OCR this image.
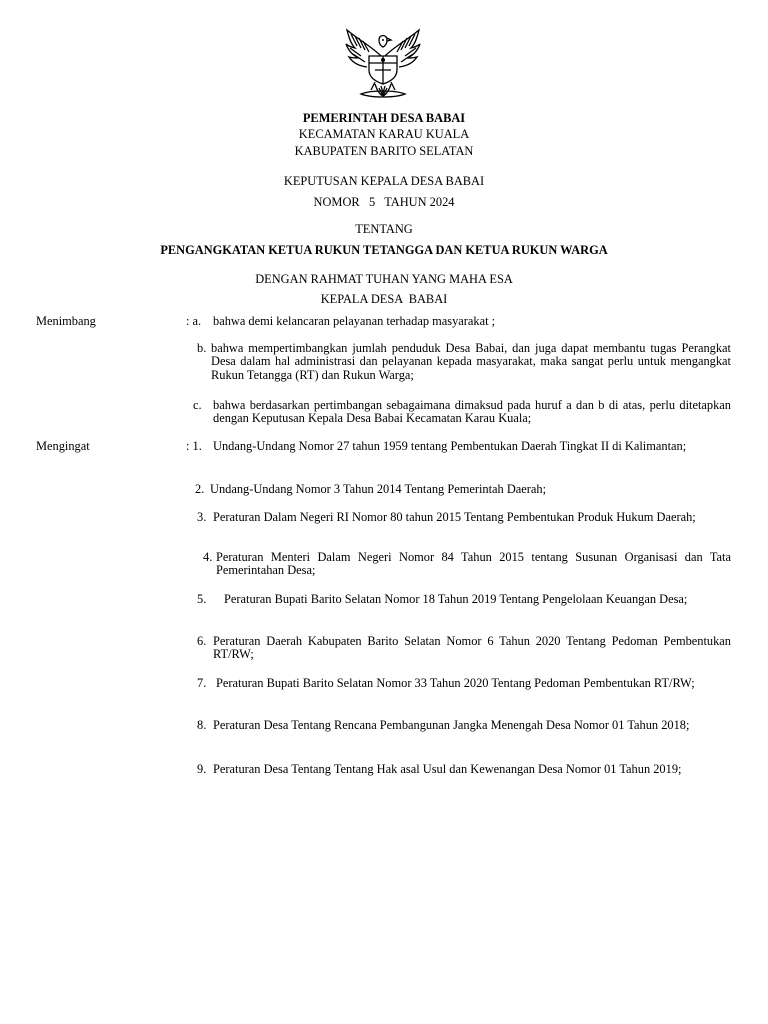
PEMERINTAH DESA BABAI
KECAMATAN KARAU KUALA
KABUPATEN BARITO SELATAN
KEPUTUSAN KEPALA DESA BABAI
NOMOR   5   TAHUN 2024
TENTANG
PENGANGKATAN KETUA RUKUN TETANGGA DAN KETUA RUKUN WARGA
DENGAN RAHMAT TUHAN YANG MAHA ESA
KEPALA DESA  BABAI
Menimbang	: a. bahwa demi kelancaran pelayanan terhadap masyarakat ;
b. bahwa mempertimbangkan jumlah penduduk Desa Babai, dan juga dapat membantu tugas Perangkat Desa dalam hal administrasi dan pelayanan kepada masyarakat, maka sangat perlu untuk mengangkat Rukun Tetangga (RT) dan Rukun Warga;
c. bahwa berdasarkan pertimbangan sebagaimana dimaksud pada huruf a dan b di atas, perlu ditetapkan dengan Keputusan Kepala Desa Babai Kecamatan Karau Kuala;
Mengingat	: 1. Undang-Undang Nomor 27 tahun 1959 tentang Pembentukan Daerah Tingkat II di Kalimantan;
2. Undang-Undang Nomor 3 Tahun 2014 Tentang Pemerintah Daerah;
3. Peraturan Dalam Negeri RI Nomor 80 tahun 2015 Tentang Pembentukan Produk Hukum Daerah;
4. Peraturan Menteri Dalam Negeri Nomor 84 Tahun 2015 tentang Susunan Organisasi dan Tata Pemerintahan Desa;
5. Peraturan Bupati Barito Selatan Nomor 18 Tahun 2019 Tentang Pengelolaan Keuangan Desa;
6. Peraturan Daerah Kabupaten Barito Selatan Nomor 6 Tahun 2020 Tentang Pedoman Pembentukan RT/RW;
7. Peraturan Bupati Barito Selatan Nomor 33 Tahun 2020 Tentang Pedoman Pembentukan RT/RW;
8. Peraturan Desa Tentang Rencana Pembangunan Jangka Menengah Desa Nomor 01 Tahun 2018;
9. Peraturan Desa Tentang Tentang Hak asal Usul dan Kewenangan Desa Nomor 01 Tahun 2019;
